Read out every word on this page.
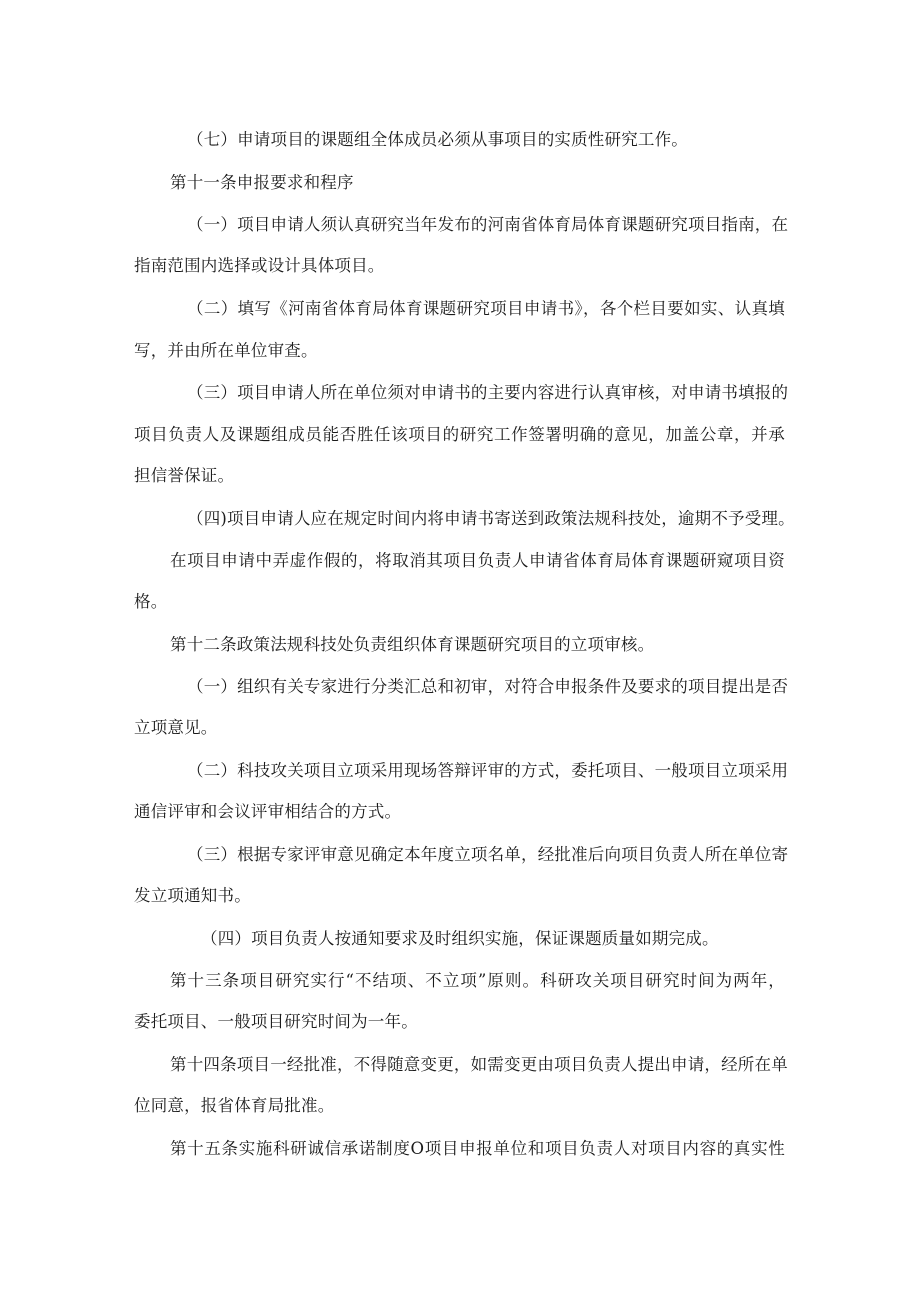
（七）申请项目的课题组全体成员必须从事项目的实质性研究工作。
第十一条申报要求和程序
（一）项目申请人须认真研究当年发布的河南省体育局体育课题研究项目指南，在
指南范围内选择或设计具体项目。
（二）填写《河南省体育局体育课题研究项目申请书》，各个栏目要如实、认真填
写，并由所在单位审查。
（三）项目申请人所在单位须对申请书的主要内容进行认真审核，对申请书填报的
项目负责人及课题组成员能否胜任该项目的研究工作签署明确的意见，加盖公章，并承
担信誉保证。
（四)项目申请人应在规定时间内将申请书寄送到政策法规科技处，逾期不予受理。
在项目申请中弄虚作假的，将取消其项目负责人申请省体育局体育课题研窥项目资
格。
第十二条政策法规科技处负责组织体育课题研究项目的立项审核。
（一）组织有关专家进行分类汇总和初审，对符合申报条件及要求的项目提出是否
立项意见。
（二）科技攻关项目立项采用现场答辩评审的方式，委托项目、一般项目立项采用
通信评审和会议评审相结合的方式。
（三）根据专家评审意见确定本年度立项名单，经批准后向项目负责人所在单位寄
发立项通知书。
（四）项目负责人按通知要求及时组织实施，保证课题质量如期完成。
第十三条项目研究实行“不结项、不立项”原则。科研攻关项目研究时间为两年，
委托项目、一般项目研究时间为一年。
第十四条项目一经批准，不得随意变更，如需变更由项目负责人提出申请，经所在单
位同意，报省体育局批准。
第十五条实施科研诚信承诺制度O项目申报单位和项目负责人对项目内容的真实性
